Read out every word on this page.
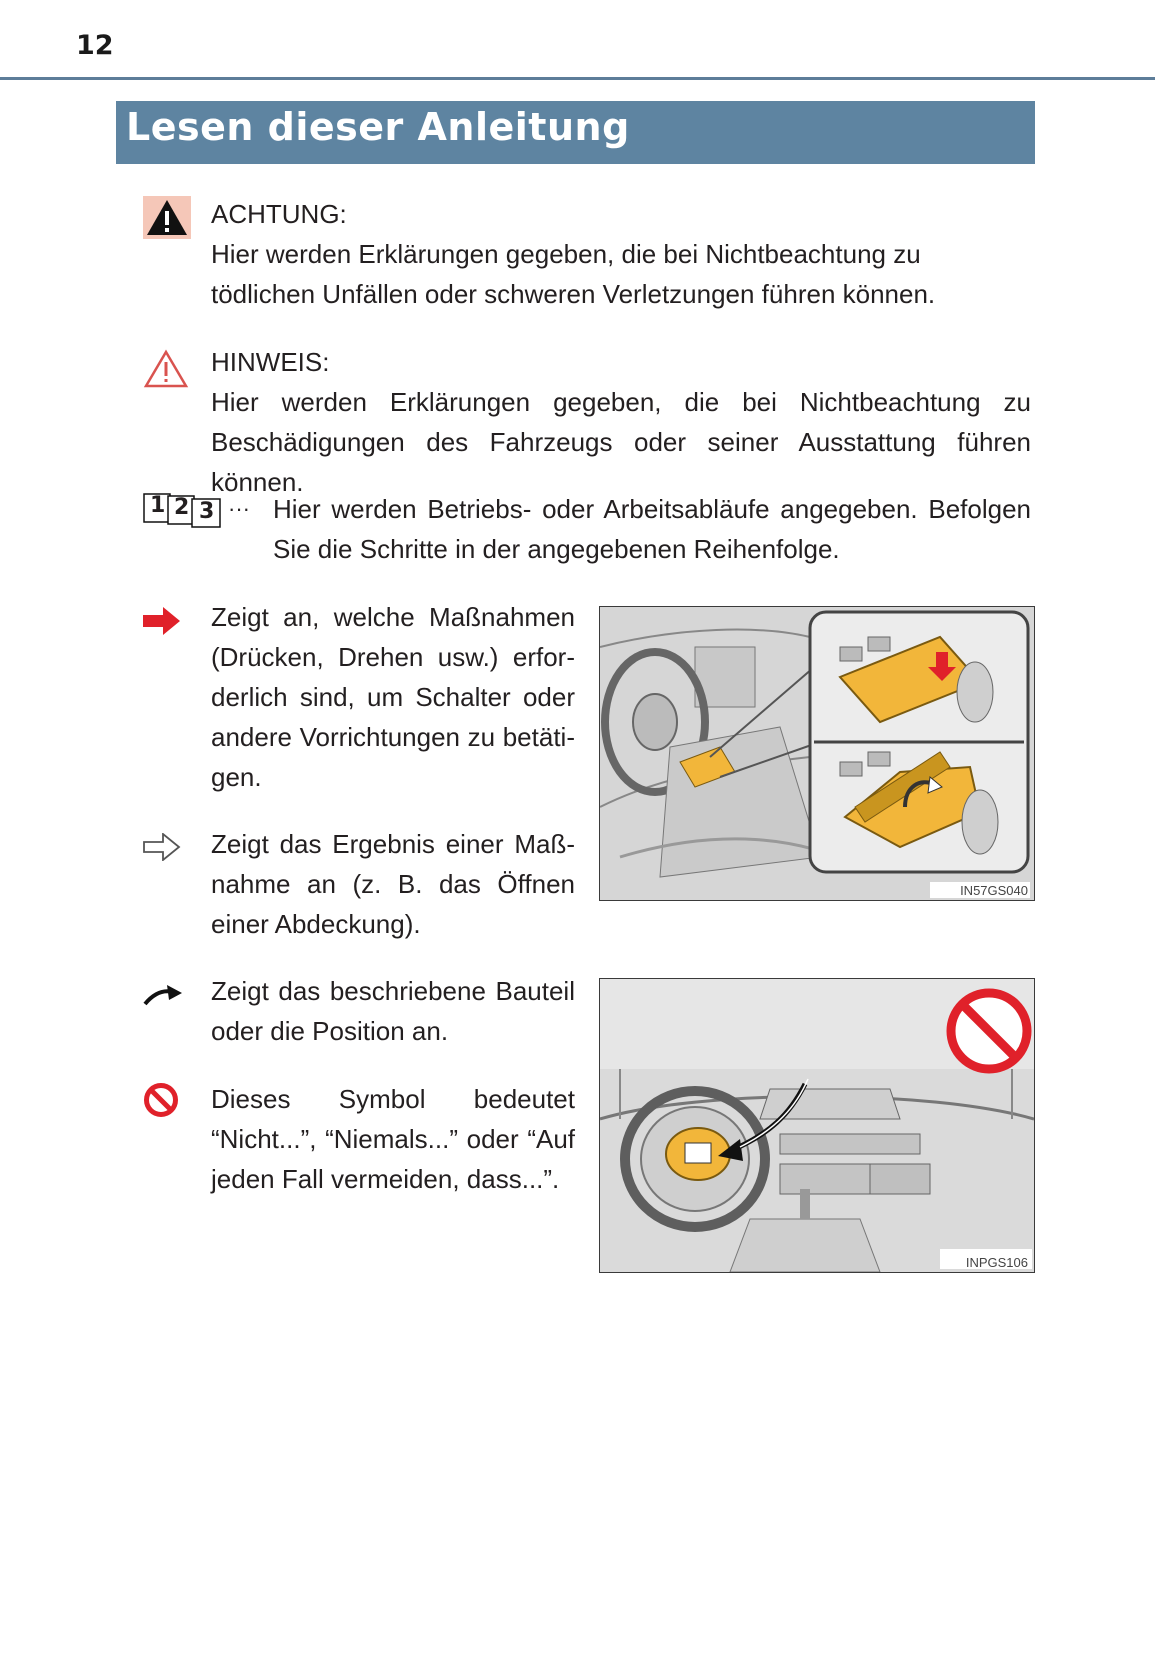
12
Lesen dieser Anleitung

ACHTUNG:

Hier werden Erklärungen gegeben, die bei Nichtbeachtung zu tödlichen Unfällen oder schweren Verletzungen führen können.

HINWEIS:

Hier werden Erklärungen gegeben, die bei Nichtbeachtung zu Beschädigungen des Fahrzeugs oder seiner Ausstattung führen können.

1 2 3 ··· Hier werden Betriebs- oder Arbeitsabläufe angegeben. Befolgen Sie die Schritte in der angegebenen Reihenfolge.
Zeigt an, welche Maßnahmen (Drücken, Drehen usw.) erforderlich sind, um Schalter oder andere Vorrichtungen zu betätigen.
Zeigt das Ergebnis einer Maßnahme an (z. B. das Öffnen einer Abdeckung).
Zeigt das beschriebene Bauteil oder die Position an.
Dieses Symbol bedeutet “Nicht...”, “Niemals...” oder “Auf jeden Fall vermeiden, dass...”.
IN57GS040
INPGS106
